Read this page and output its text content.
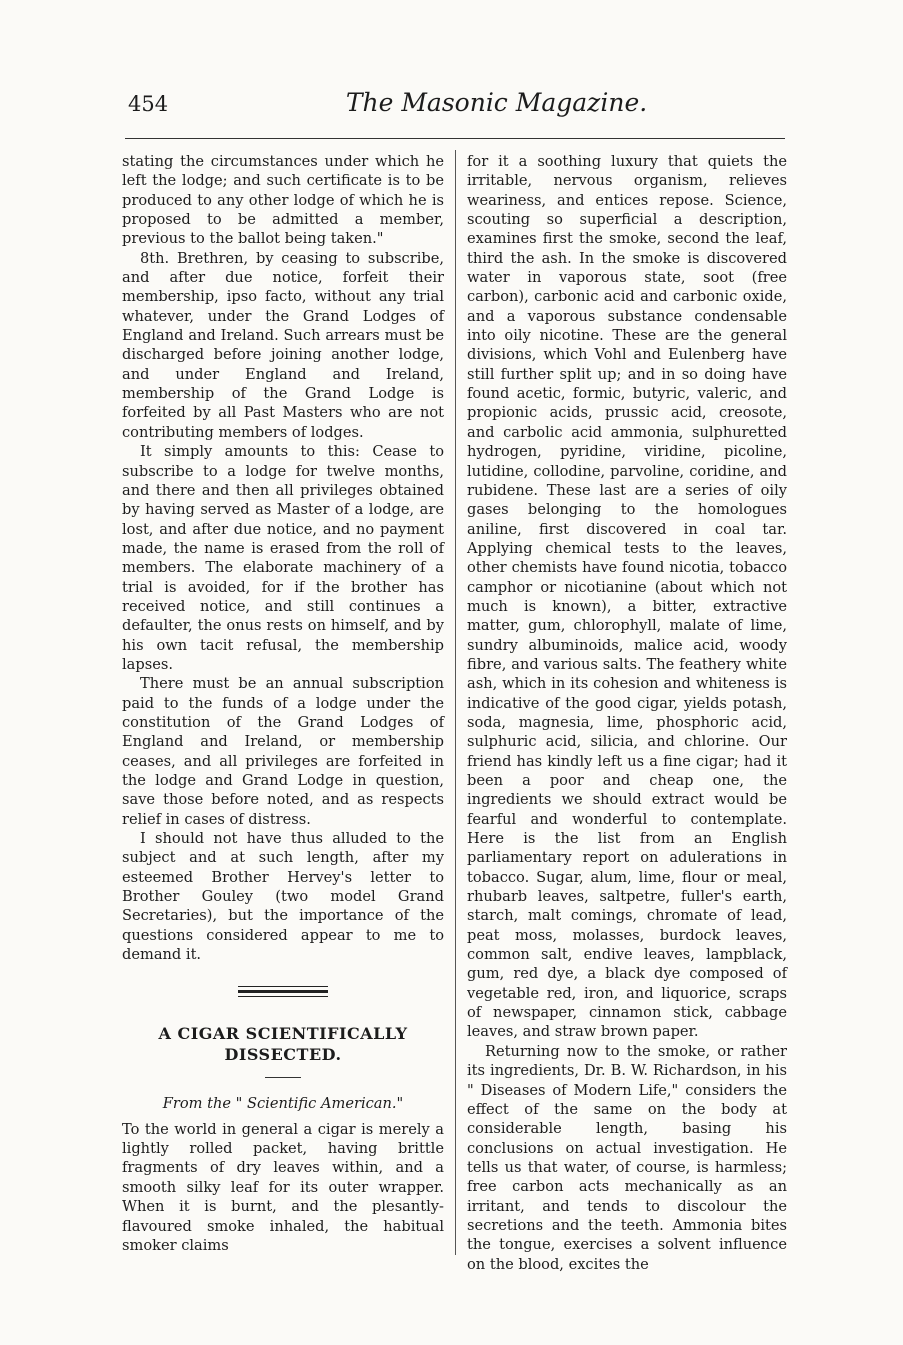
454	The Masonic Magazine.

stating the circumstances under which he left the lodge; and such certificate is to be produced to any other lodge of which he is proposed to be admitted a member, previous to the ballot being taken."

8th. Brethren, by ceasing to subscribe, and after due notice, forfeit their membership, ipso facto, without any trial whatever, under the Grand Lodges of England and Ireland. Such arrears must be discharged before joining another lodge, and under England and Ireland, membership of the Grand Lodge is forfeited by all Past Masters who are not contributing members of lodges.

It simply amounts to this: Cease to subscribe to a lodge for twelve months, and there and then all privileges obtained by having served as Master of a lodge, are lost, and after due notice, and no payment made, the name is erased from the roll of members. The elaborate machinery of a trial is avoided, for if the brother has received notice, and still continues a defaulter, the onus rests on himself, and by his own tacit refusal, the membership lapses.

There must be an annual subscription paid to the funds of a lodge under the constitution of the Grand Lodges of England and Ireland, or membership ceases, and all privileges are forfeited in the lodge and Grand Lodge in question, save those before noted, and as respects relief in cases of distress.

I should not have thus alluded to the subject and at such length, after my esteemed Brother Hervey's letter to Brother Gouley (two model Grand Secretaries), but the importance of the questions considered appear to me to demand it.

A CIGAR SCIENTIFICALLY DISSECTED.
From the " Scientific American."

To the world in general a cigar is merely a lightly rolled packet, having brittle fragments of dry leaves within, and a smooth silky leaf for its outer wrapper. When it is burnt, and the plesantly-flavoured smoke inhaled, the habitual smoker claims

for it a soothing luxury that quiets the irritable, nervous organism, relieves weariness, and entices repose. Science, scouting so superficial a description, examines first the smoke, second the leaf, third the ash. In the smoke is discovered water in vaporous state, soot (free carbon), carbonic acid and carbonic oxide, and a vaporous substance condensable into oily nicotine. These are the general divisions, which Vohl and Eulenberg have still further split up; and in so doing have found acetic, formic, butyric, valeric, and propionic acids, prussic acid, creosote, and carbolic acid ammonia, sulphuretted hydrogen, pyridine, viridine, picoline, lutidine, collodine, parvoline, coridine, and rubidene. These last are a series of oily gases belonging to the homologues aniline, first discovered in coal tar. Applying chemical tests to the leaves, other chemists have found nicotia, tobacco camphor or nicotianine (about which not much is known), a bitter, extractive matter, gum, chlorophyll, malate of lime, sundry albuminoids, malice acid, woody fibre, and various salts. The feathery white ash, which in its cohesion and whiteness is indicative of the good cigar, yields potash, soda, magnesia, lime, phosphoric acid, sulphuric acid, silicia, and chlorine. Our friend has kindly left us a fine cigar; had it been a poor and cheap one, the ingredients we should extract would be fearful and wonderful to contemplate. Here is the list from an English parliamentary report on adulerations in tobacco. Sugar, alum, lime, flour or meal, rhubarb leaves, saltpetre, fuller's earth, starch, malt comings, chromate of lead, peat moss, molasses, burdock leaves, common salt, endive leaves, lampblack, gum, red dye, a black dye composed of vegetable red, iron, and liquorice, scraps of newspaper, cinnamon stick, cabbage leaves, and straw brown paper.

Returning now to the smoke, or rather its ingredients, Dr. B. W. Richardson, in his " Diseases of Modern Life," considers the effect of the same on the body at considerable length, basing his conclusions on actual investigation. He tells us that water, of course, is harmless; free carbon acts mechanically as an irritant, and tends to discolour the secretions and the teeth. Ammonia bites the tongue, exercises a solvent influence on the blood, excites the
